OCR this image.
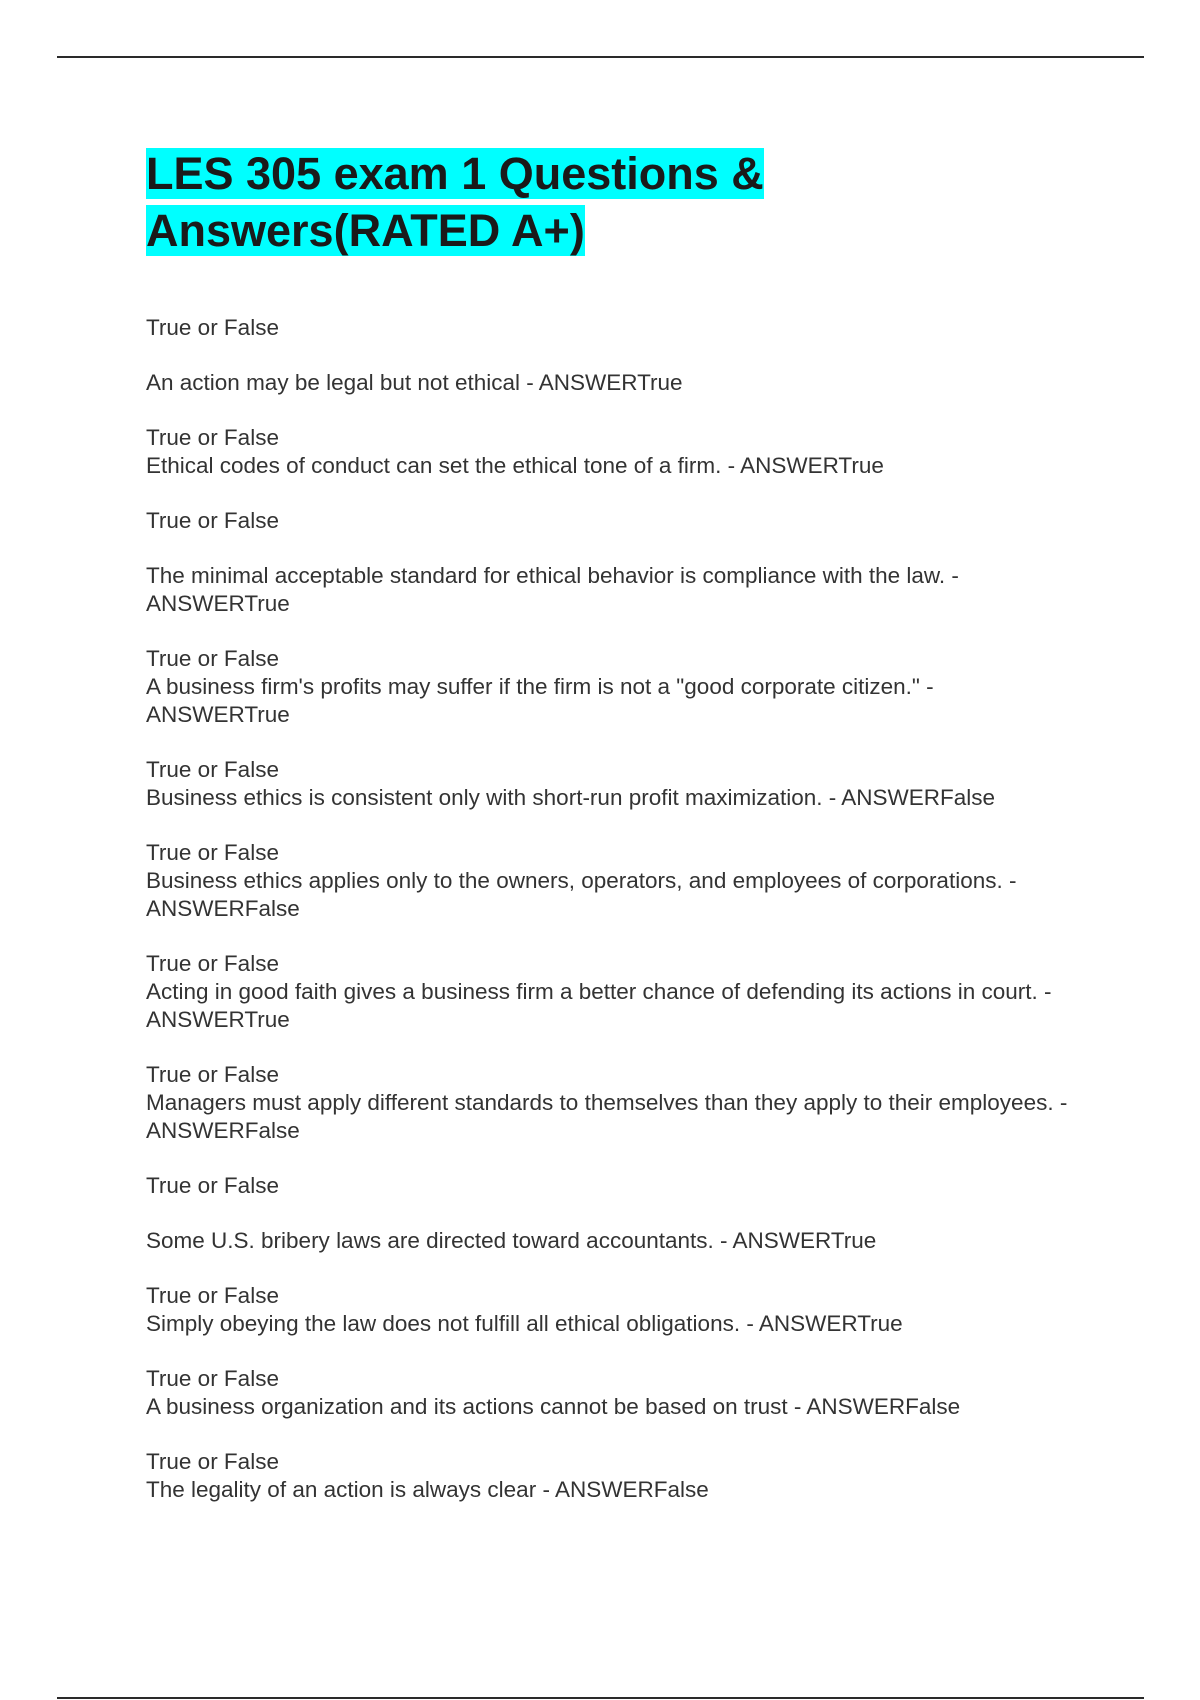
LES 305 exam 1 Questions & Answers(RATED A+)
True or False
An action may be legal but not ethical - ANSWERTrue
True or False
Ethical codes of conduct can set the ethical tone of a firm. - ANSWERTrue
True or False
The minimal acceptable standard for ethical behavior is compliance with the law. - ANSWERTrue
True or False
A business firm's profits may suffer if the firm is not a "good corporate citizen." - ANSWERTrue
True or False
Business ethics is consistent only with short-run profit maximization. - ANSWERFalse
True or False
Business ethics applies only to the owners, operators, and employees of corporations. - ANSWERFalse
True or False
Acting in good faith gives a business firm a better chance of defending its actions in court. - ANSWERTrue
True or False
Managers must apply different standards to themselves than they apply to their employees. - ANSWERFalse
True or False
Some U.S. bribery laws are directed toward accountants. - ANSWERTrue
True or False
Simply obeying the law does not fulfill all ethical obligations. - ANSWERTrue
True or False
A business organization and its actions cannot be based on trust - ANSWERFalse
True or False
The legality of an action is always clear - ANSWERFalse
